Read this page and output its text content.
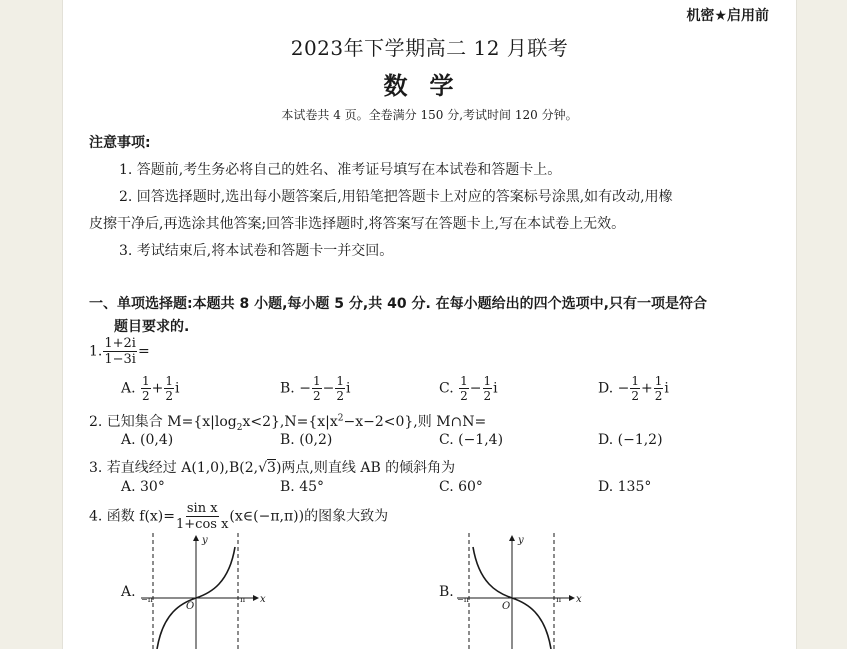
机密★启用前
2023年下学期高二 12 月联考
数学
本试卷共 4 页。全卷满分 150 分,考试时间 120 分钟。
注意事项:
1. 答题前,考生务必将自己的姓名、准考证号填写在本试卷和答题卡上。
2. 回答选择题时,选出每小题答案后,用铅笔把答题卡上对应的答案标号涂黑,如有改动,用橡
皮擦干净后,再选涂其他答案;回答非选择题时,将答案写在答题卡上,写在本试卷上无效。
3. 考试结束后,将本试卷和答题卡一并交回。
一、单项选择题:本题共 8 小题,每小题 5 分,共 40 分. 在每小题给出的四个选项中,只有一项是符合
题目要求的.
1. $\frac{1+2i}{1-3i}$ =
A. $\frac{1}{2} + \frac{1}{2}$ i	B. − $\frac{1}{2} - \frac{1}{2}$ i	C. $\frac{1}{2} - \frac{1}{2}$ i	D. − $\frac{1}{2} + \frac{1}{2}$ i
2. 已知集合 $M=\{x|\log_2x<2\},N=\{x|x^2-x-2<0\}$,则 M∩N=
A. (0,4)	B. (0,2)	C. (−1,4)	D. (−1,2)
3. 若直线经过 A(1,0),B(2,√3)两点,则直线 AB 的倾斜角为
A. 30°	B. 45°	C. 60°	D. 135°
4. 函数 $f(x)= \frac{\text{sin x}}{\text{1+cos x}}$ (x∈(−π,π))的图象大致为
A.
y
x
O
−π	π	B.
y
x
O
−π	π
